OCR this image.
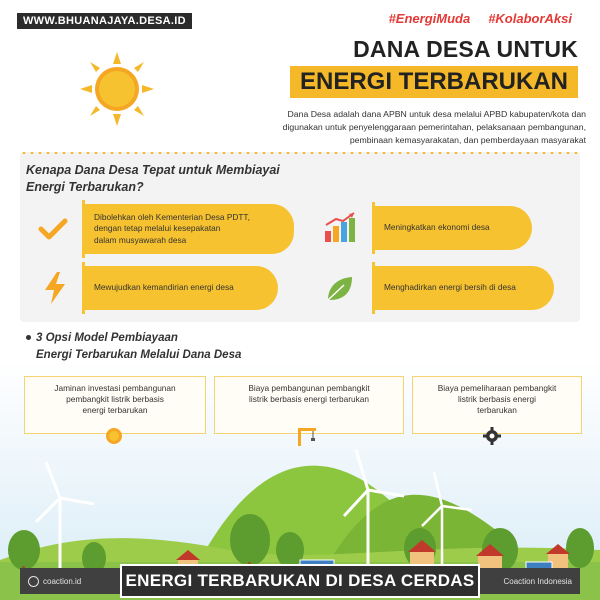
WWW.BHUANAJAYA.DESA.ID	#EnergiMuda #KolaborAksi
DANA DESA UNTUK
ENERGI TERBARUKAN
Dana Desa adalah dana APBN untuk desa melalui APBD kabupaten/kota dan
digunakan untuk penyelenggaraan pemerintahan, pelaksanaan pembangunan,
pembinaan kemasyarakatan, dan pemberdayaan masyarakat
Kenapa Dana Desa Tepat untuk Membiayai
Energi Terbarukan?
Dibolehkan oleh Kementerian Desa PDTT,
dengan tetap melalui kesepakatan
dalam musyawarah desa
Meningkatkan ekonomi desa
Mewujudkan kemandirian energi desa	Menghadirkan energi bersih di desa
3 Opsi Model Pembiayaan
Energi Terbarukan Melalui Dana Desa
Jaminan investasi pembangunan
pembangkit listrik berbasis
energi terbarukan
Biaya pembangunan pembangkit
listrik berbasis energi terbarukan
Biaya pemeliharaan pembangkit
listrik berbasis energi
terbarukan
coaction.id	Coaction Indonesia
ENERGI TERBARUKAN DI DESA CERDAS
